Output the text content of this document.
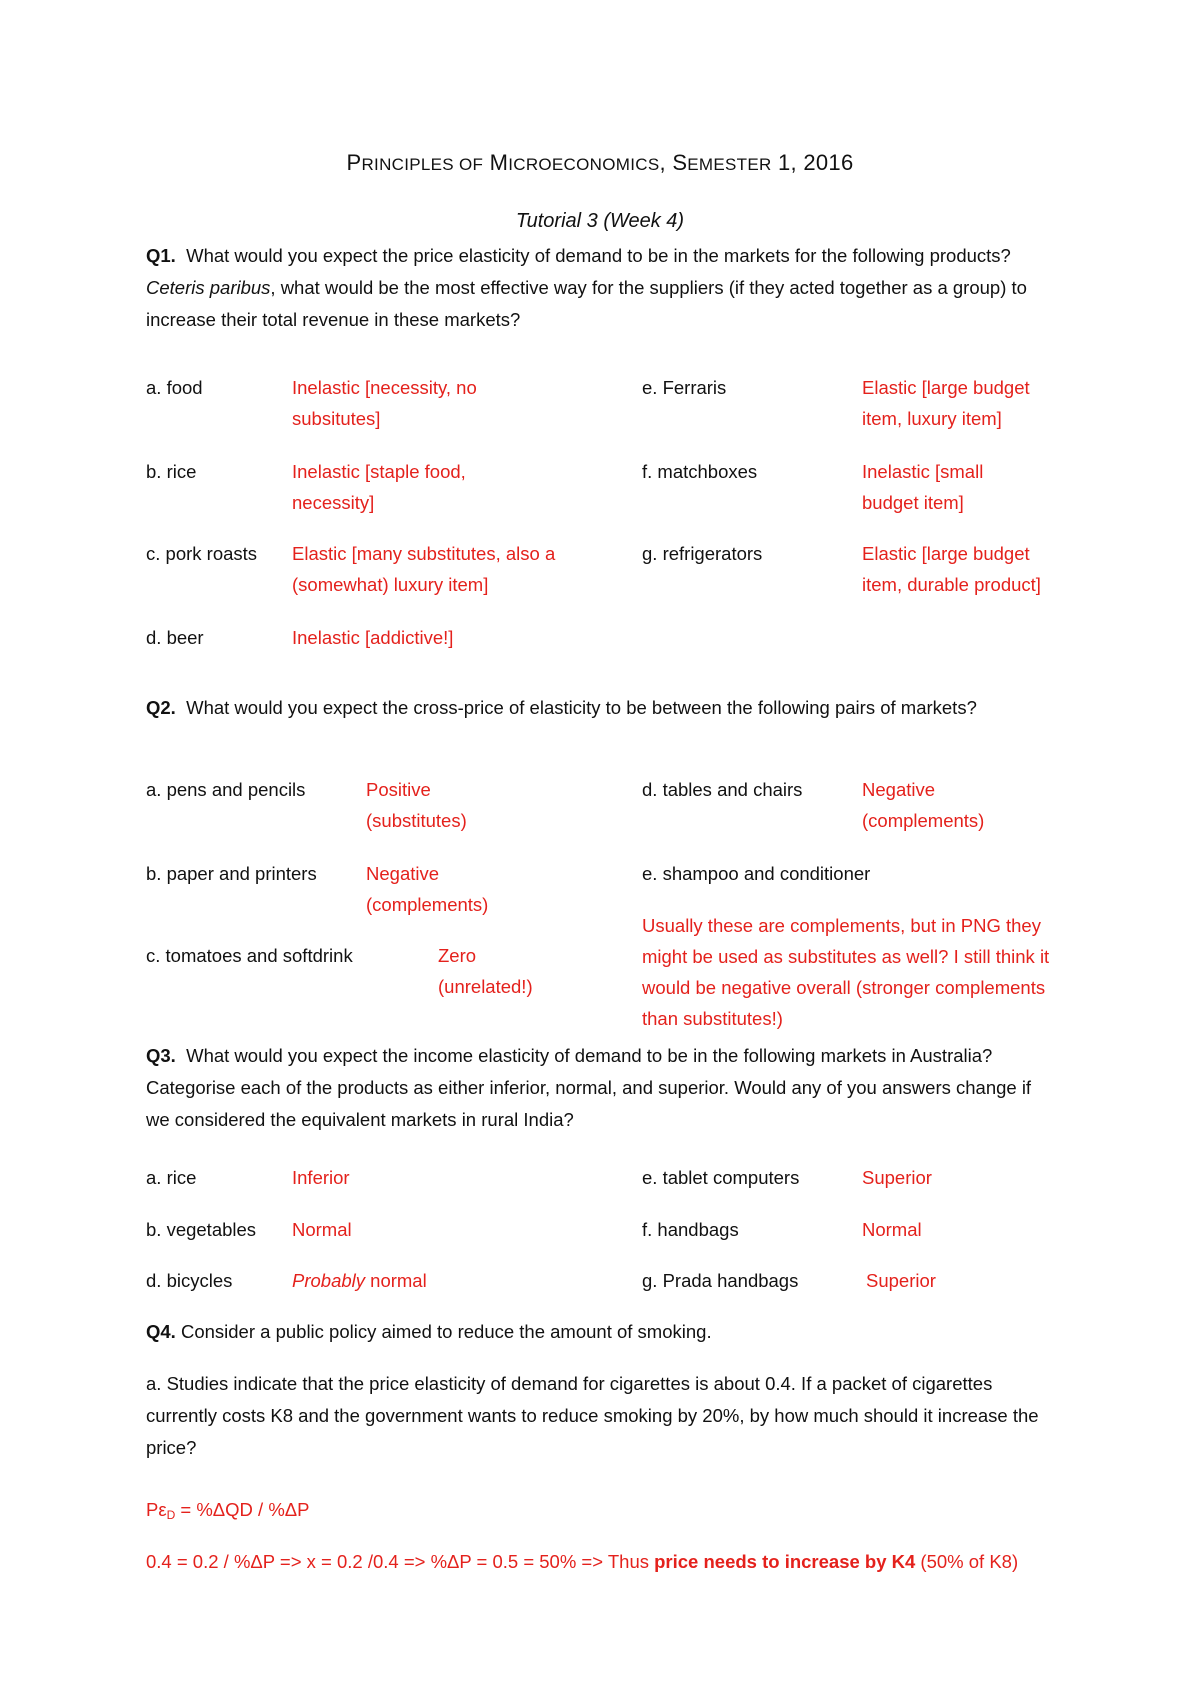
PRINCIPLES OF MICROECONOMICS, SEMESTER 1, 2016
Tutorial 3 (Week 4)
Q1. What would you expect the price elasticity of demand to be in the markets for the following products?  Ceteris paribus, what would be the most effective way for the suppliers (if they acted together as a group) to increase their total revenue in these markets?
a. food	Inelastic [necessity, no subsitutes]
b. rice	Inelastic [staple food, necessity]
c. pork roasts Elastic [many substitutes, also a (somewhat) luxury item]
d. beer	Inelastic [addictive!]
e. Ferraris	Elastic [large budget item, luxury item]
f. matchboxes	Inelastic [small budget item]
g. refrigerators	Elastic [large budget item, durable product]
Q2. What would you expect the cross-price of elasticity to be between the following pairs of markets?
a. pens and pencils	Positive (substitutes)
b. paper and printers	Negative (complements)
c. tomatoes and softdrink	Zero (unrelated!)
d. tables and chairs	Negative (complements)
e. shampoo and conditioner
Usually these are complements, but in PNG they might be used as substitutes as well? I still think it would be negative overall (stronger complements than substitutes!)
Q3. What would you expect the income elasticity of demand to be in the following markets in Australia? Categorise each of the products as either inferior, normal, and superior. Would any of you answers change if we considered the equivalent markets in rural India?
a. rice	Inferior
b. vegetables Normal
d. bicycles	Probably normal
e. tablet computers	Superior
f. handbags	Normal
g. Prada handbags	Superior
Q4. Consider a public policy aimed to reduce the amount of smoking.
a. Studies indicate that the price elasticity of demand for cigarettes is about 0.4. If a packet of cigarettes currently costs K8 and the government wants to reduce smoking by 20%, by how much should it increase the price?
$P\varepsilon_D = \%\Delta QD / \%\Delta P$
0.4 = 0.2 / %ΔP => x = 0.2 /0.4 => %ΔP = 0.5 = 50% => Thus price needs to increase by K4 (50% of K8)
